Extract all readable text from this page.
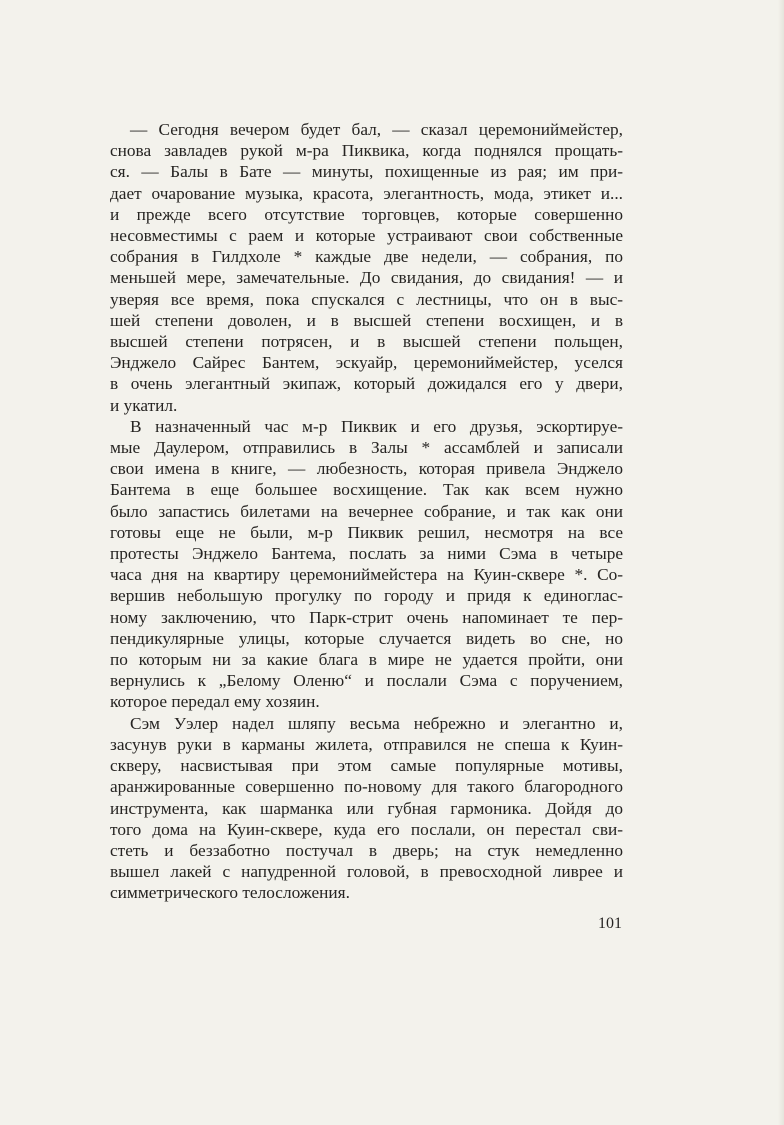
— Сегодня вечером будет бал, — сказал церемониймейстер,
снова завладев рукой м-ра Пиквика, когда поднялся прощать-
ся. — Балы в Бате — минуты, похищенные из рая; им при-
дает очарование музыка, красота, элегантность, мода, этикет и...
и прежде всего отсутствие торговцев, которые совершенно
несовместимы с раем и которые устраивают свои собственные
собрания в Гилдхоле * каждые две недели, — собрания, по
меньшей мере, замечательные. До свидания, до свидания! — и
уверяя все время, пока спускался с лестницы, что он в выс-
шей степени доволен, и в высшей степени восхищен, и в
высшей степени потрясен, и в высшей степени польщен,
Энджело Сайрес Бантем, эскуайр, церемониймейстер, уселся
в очень элегантный экипаж, который дожидался его у двери,
и укатил.
В назначенный час м-р Пиквик и его друзья, эскортируе-
мые Даулером, отправились в Залы * ассамблей и записали
свои имена в книге, — любезность, которая привела Энджело
Бантема в еще большее восхищение. Так как всем нужно
было запастись билетами на вечернее собрание, и так как они
готовы еще не были, м-р Пиквик решил, несмотря на все
протесты Энджело Бантема, послать за ними Сэма в четыре
часа дня на квартиру церемониймейстера на Куин-сквере *. Со-
вершив небольшую прогулку по городу и придя к единоглас-
ному заключению, что Парк-стрит очень напоминает те пер-
пендикулярные улицы, которые случается видеть во сне, но
по которым ни за какие блага в мире не удается пройти, они
вернулись к „Белому Оленю“ и послали Сэма с поручением,
которое передал ему хозяин.
Сэм Уэлер надел шляпу весьма небрежно и элегантно и,
засунув руки в карманы жилета, отправился не спеша к Куин-
скверу, насвистывая при этом самые популярные мотивы,
аранжированные совершенно по-новому для такого благородного
инструмента, как шарманка или губная гармоника. Дойдя до
того дома на Куин-сквере, куда его послали, он перестал сви-
стеть и беззаботно постучал в дверь; на стук немедленно
вышел лакей с напудренной головой, в превосходной ливрее и
симметрического телосложения.
101
